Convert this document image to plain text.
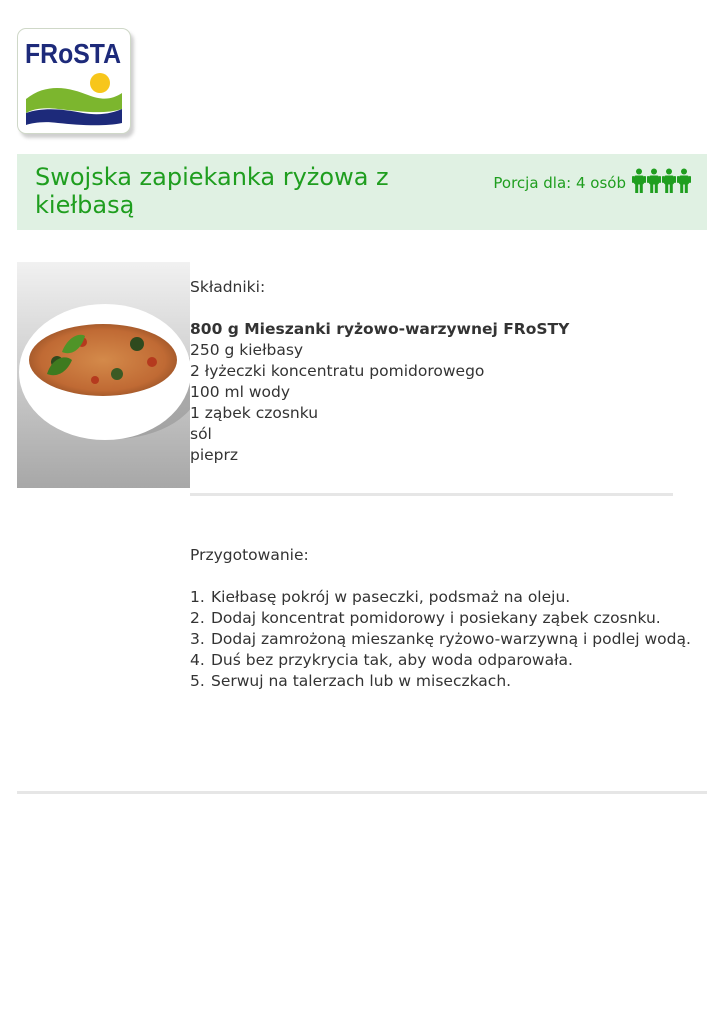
FRoSTA
Swojska zapiekanka ryżowa z kiełbasą
Porcja dla: 4 osób
Składniki:
800 g Mieszanki ryżowo-warzywnej FRoSTY
250 g kiełbasy
2 łyżeczki koncentratu pomidorowego
100 ml wody
1 ząbek czosnku
sól
pieprz
Przygotowanie:
1. Kiełbasę pokrój w paseczki, podsmaż na oleju.
2. Dodaj koncentrat pomidorowy i posiekany ząbek czosnku.
3. Dodaj zamrożoną mieszankę ryżowo-warzywną i podlej wodą.
4. Duś bez przykrycia tak, aby woda odparowała.
5. Serwuj na talerzach lub w miseczkach.
